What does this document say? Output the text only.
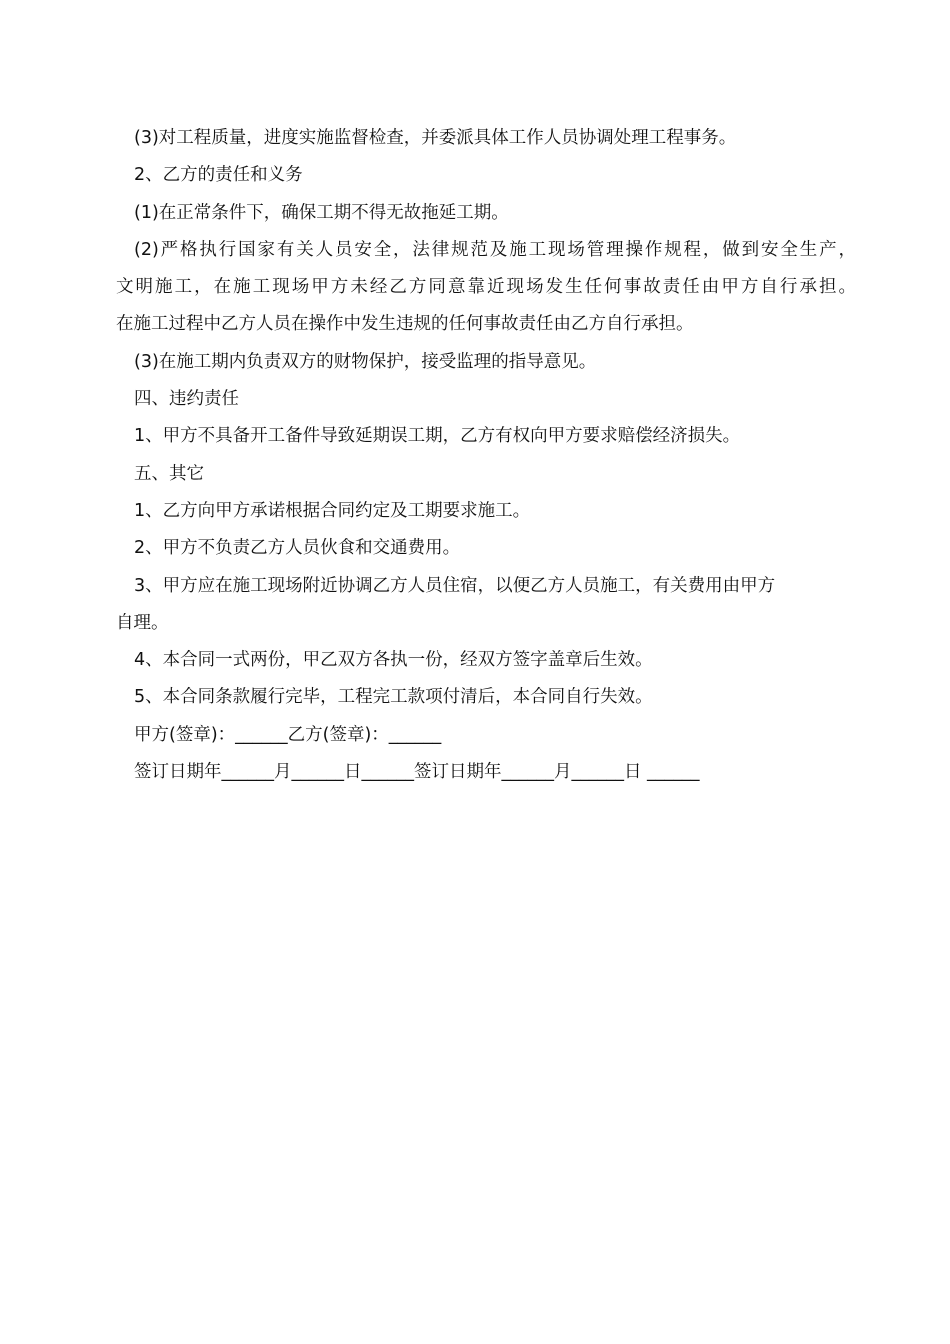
(3)对工程质量，进度实施监督检查，并委派具体工作人员协调处理工程事务。
2、乙方的责任和义务
(1)在正常条件下，确保工期不得无故拖延工期。
(2)严格执行国家有关人员安全，法律规范及施工现场管理操作规程，做到安全生产，
文明施工，在施工现场甲方未经乙方同意靠近现场发生任何事故责任由甲方自行承担。
在施工过程中乙方人员在操作中发生违规的任何事故责任由乙方自行承担。
(3)在施工期内负责双方的财物保护，接受监理的指导意见。
四、违约责任
1、甲方不具备开工备件导致延期误工期，乙方有权向甲方要求赔偿经济损失。
五、其它
1、乙方向甲方承诺根据合同约定及工期要求施工。
2、甲方不负责乙方人员伙食和交通费用。
3、甲方应在施工现场附近协调乙方人员住宿，以便乙方人员施工，有关费用由甲方
自理。
4、本合同一式两份，甲乙双方各执一份，经双方签字盖章后生效。
5、本合同条款履行完毕，工程完工款项付清后，本合同自行失效。
甲方(签章)：______乙方(签章)：______
签订日期年______月______日______签订日期年______月______日 ______
